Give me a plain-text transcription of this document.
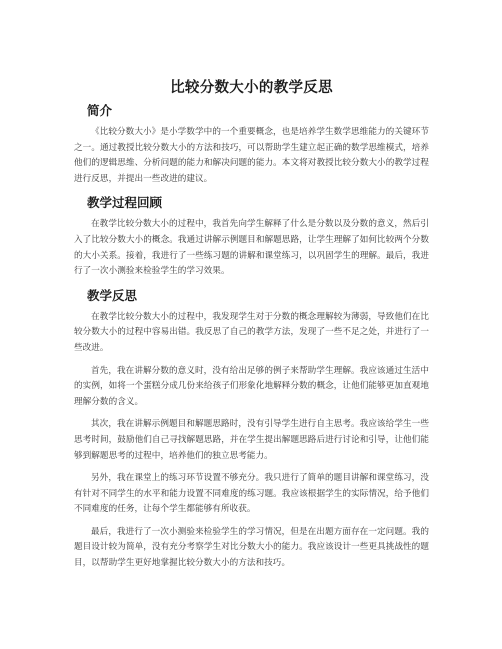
比较分数大小的教学反思
简介

《比较分数大小》是小学数学中的一个重要概念，也是培养学生数学思维能力的关键环节之一。通过教授比较分数大小的方法和技巧，可以帮助学生建立起正确的数学思维模式，培养他们的逻辑思维、分析问题的能力和解决问题的能力。本文将对教授比较分数大小的教学过程进行反思，并提出一些改进的建议。

教学过程回顾

在教学比较分数大小的过程中，我首先向学生解释了什么是分数以及分数的意义，然后引入了比较分数大小的概念。我通过讲解示例题目和解题思路，让学生理解了如何比较两个分数的大小关系。接着，我进行了一些练习题的讲解和课堂练习，以巩固学生的理解。最后，我进行了一次小测验来检验学生的学习效果。

教学反思

在教学比较分数大小的过程中，我发现学生对于分数的概念理解较为薄弱，导致他们在比较分数大小的过程中容易出错。我反思了自己的教学方法，发现了一些不足之处，并进行了一些改进。

首先，我在讲解分数的意义时，没有给出足够的例子来帮助学生理解。我应该通过生活中的实例，如将一个蛋糕分成几份来给孩子们形象化地解释分数的概念，让他们能够更加直观地理解分数的含义。

其次，我在讲解示例题目和解题思路时，没有引导学生进行自主思考。我应该给学生一些思考时间，鼓励他们自己寻找解题思路，并在学生提出解题思路后进行讨论和引导，让他们能够到解题思考的过程中，培养他们的独立思考能力。

另外，我在课堂上的练习环节设置不够充分。我只进行了简单的题目讲解和课堂练习，没有针对不同学生的水平和能力设置不同难度的练习题。我应该根据学生的实际情况，给予他们不同难度的任务，让每个学生都能够有所收获。

最后，我进行了一次小测验来检验学生的学习情况，但是在出题方面存在一定问题。我的题目设计较为简单，没有充分考察学生对比分数大小的能力。我应该设计一些更具挑战性的题目，以帮助学生更好地掌握比较分数大小的方法和技巧。
